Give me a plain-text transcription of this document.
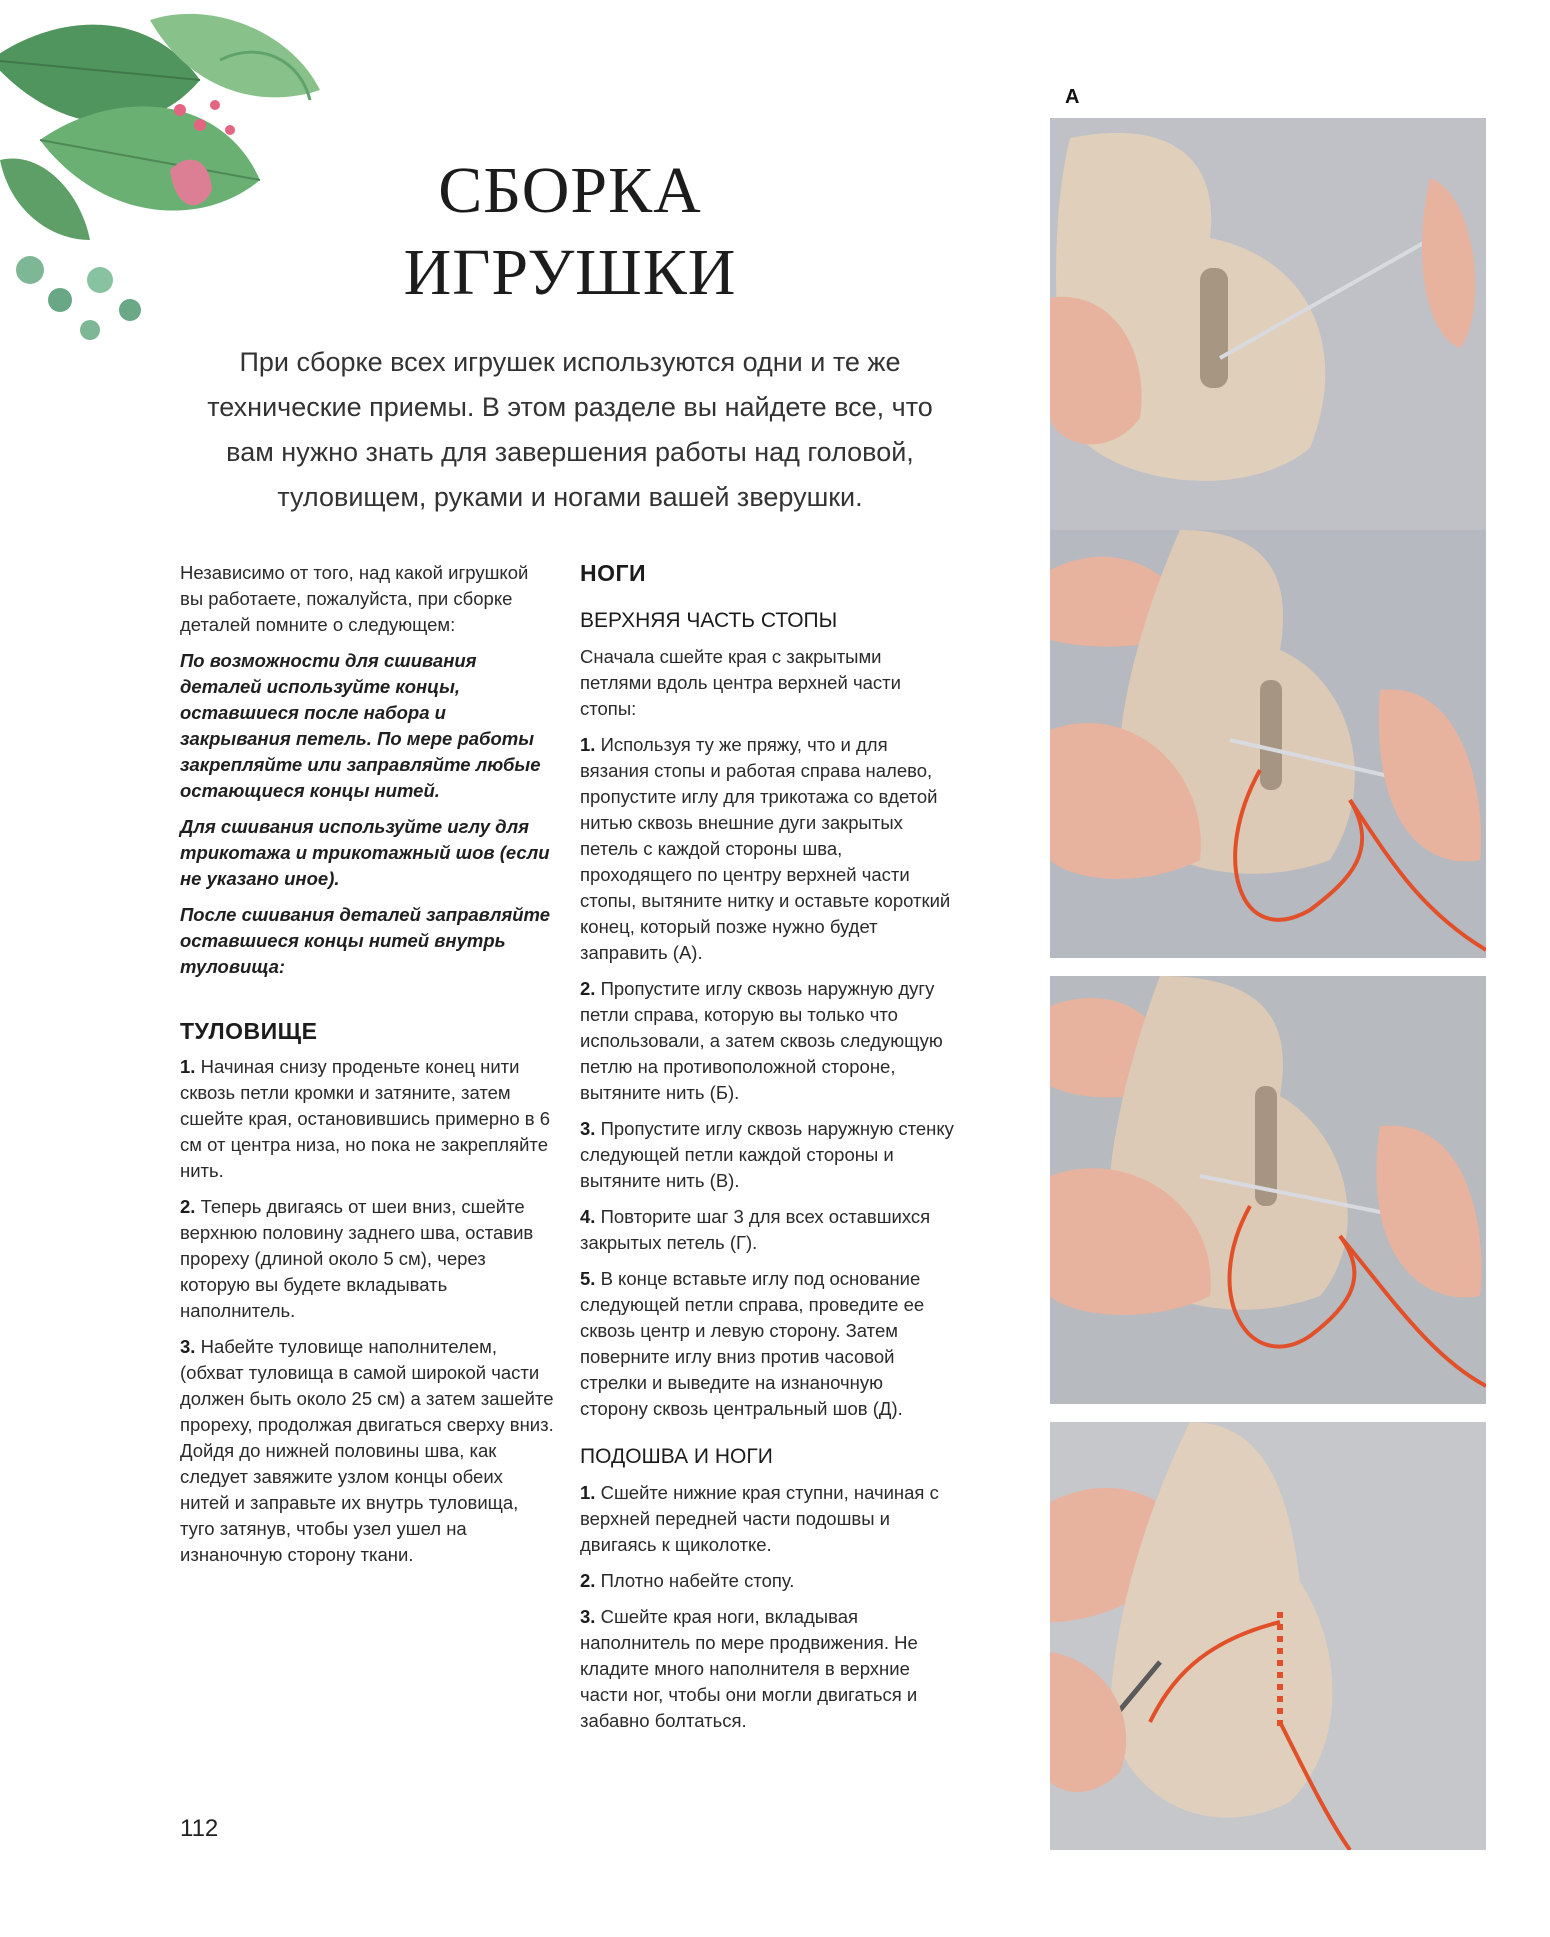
СБОРКА
ИГРУШКИ
При сборке всех игрушек используются одни и те же технические приемы. В этом разделе вы найдете все, что вам нужно знать для завершения работы над головой, туловищем, руками и ногами вашей зверушки.

Независимо от того, над какой игрушкой вы работаете, пожалуйста, при сборке деталей помните о следующем:

По возможности для сшивания деталей используйте концы, оставшиеся после набора и закрывания петель. По мере работы закрепляйте или заправляйте любые остающиеся концы нитей.

Для сшивания используйте иглу для трикотажа и трикотажный шов (если не указано иное).

После сшивания деталей заправляйте оставшиеся концы нитей внутрь туловища:

ТУЛОВИЩЕ

1. Начиная снизу проденьте конец нити сквозь петли кромки и затяните, затем сшейте края, остановившись примерно в 6 см от центра низа, но пока не закрепляйте нить.

2. Теперь двигаясь от шеи вниз, сшейте верхнюю половину заднего шва, оставив прореху (длиной около 5 см), через которую вы будете вкладывать наполнитель.

3. Набейте туловище наполнителем, (обхват туловища в самой широкой части должен быть около 25 см) а затем зашейте прореху, продолжая двигаться сверху вниз. Дойдя до нижней половины шва, как следует завяжите узлом концы обеих нитей и заправьте их внутрь туловища, туго затянув, чтобы узел ушел на изнаночную сторону ткани.

НОГИ
ВЕРХНЯЯ ЧАСТЬ СТОПЫ

Сначала сшейте края с закрытыми петлями вдоль центра верхней части стопы:

1. Используя ту же пряжу, что и для вязания стопы и работая справа налево, пропустите иглу для трикотажа со вдетой нитью сквозь внешние дуги закрытых петель с каждой стороны шва, проходящего по центру верхней части стопы, вытяните нитку и оставьте короткий конец, который позже нужно будет заправить (А).

2. Пропустите иглу сквозь наружную дугу петли справа, которую вы только что использовали, а затем сквозь следующую петлю на противоположной стороне, вытяните нить (Б).

3. Пропустите иглу сквозь наружную стенку следующей петли каждой стороны и вытяните нить (В).

4. Повторите шаг 3 для всех оставшихся закрытых петель (Г).

5. В конце вставьте иглу под основание следующей петли справа, проведите ее сквозь центр и левую сторону. Затем поверните иглу вниз против часовой стрелки и выведите на изнаночную сторону сквозь центральный шов (Д).

ПОДОШВА И НОГИ

1. Сшейте нижние края ступни, начиная с верхней передней части подошвы и двигаясь к щиколотке.

2. Плотно набейте стопу.

3. Сшейте края ноги, вкладывая наполнитель по мере продвижения. Не кладите много наполнителя в верхние части ног, чтобы они могли двигаться и забавно болтаться.

А
112
